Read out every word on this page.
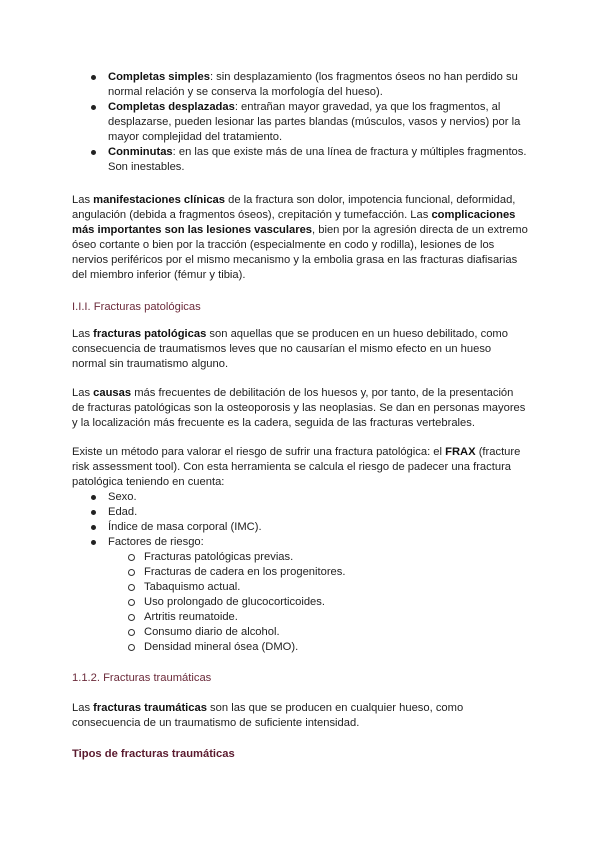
Completas simples: sin desplazamiento (los fragmentos óseos no han perdido su normal relación y se conserva la morfología del hueso).
Completas desplazadas: entrañan mayor gravedad, ya que los fragmentos, al desplazarse, pueden lesionar las partes blandas (músculos, vasos y nervios) por la mayor complejidad del tratamiento.
Conminutas: en las que existe más de una línea de fractura y múltiples fragmentos. Son inestables.

Las manifestaciones clínicas de la fractura son dolor, impotencia funcional, deformidad, angulación (debida a fragmentos óseos), crepitación y tumefacción. Las complicaciones más importantes son las lesiones vasculares, bien por la agresión directa de un extremo óseo cortante o bien por la tracción (especialmente en codo y rodilla), lesiones de los nervios periféricos por el mismo mecanismo y la embolia grasa en las fracturas diafisarias del miembro inferior (fémur y tibia).

I.I.I. Fracturas patológicas

Las fracturas patológicas son aquellas que se producen en un hueso debilitado, como consecuencia de traumatismos leves que no causarían el mismo efecto en un hueso normal sin traumatismo alguno.

Las causas más frecuentes de debilitación de los huesos y, por tanto, de la presentación de fracturas patológicas son la osteoporosis y las neoplasias. Se dan en personas mayores y la localización más frecuente es la cadera, seguida de las fracturas vertebrales.

Existe un método para valorar el riesgo de sufrir una fractura patológica: el FRAX (fracture risk assessment tool). Con esta herramienta se calcula el riesgo de padecer una fractura patológica teniendo en cuenta:

Sexo.
Edad.
Índice de masa corporal (IMC).
Factores de riesgo:
Fracturas patológicas previas.
Fracturas de cadera en los progenitores.
Tabaquismo actual.
Uso prolongado de glucocorticoides.
Artritis reumatoide.
Consumo diario de alcohol.
Densidad mineral ósea (DMO).
1.1.2. Fracturas traumáticas

Las fracturas traumáticas son las que se producen en cualquier hueso, como consecuencia de un traumatismo de suficiente intensidad.

Tipos de fracturas traumáticas
